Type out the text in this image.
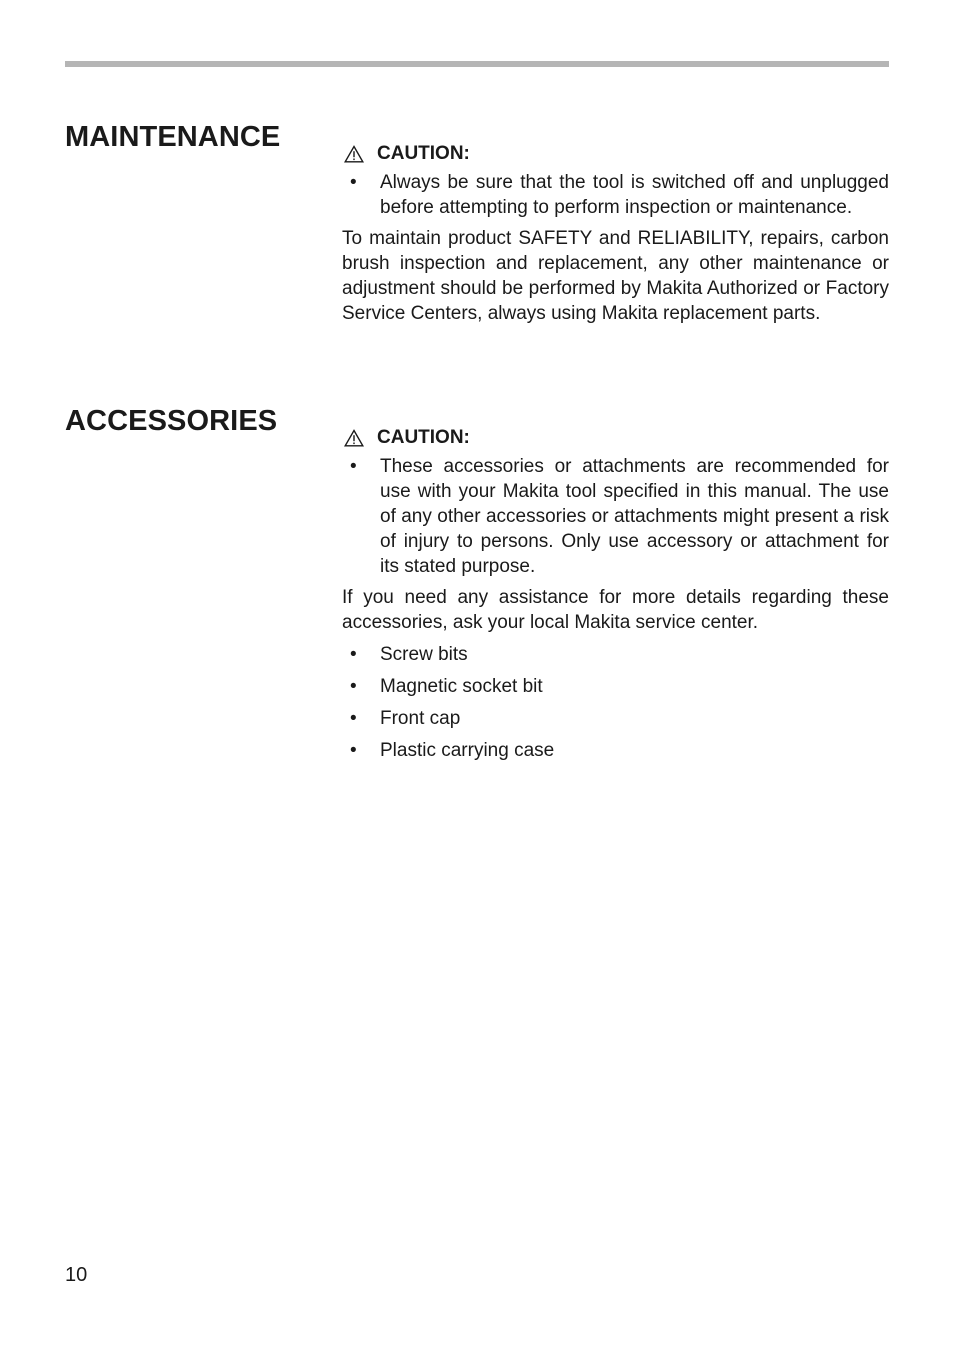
MAINTENANCE
CAUTION:

• Always be sure that the tool is switched off and unplugged before attempting to perform inspection or maintenance.

To maintain product SAFETY and RELIABILITY, repairs, carbon brush inspection and replacement, any other maintenance or adjustment should be performed by Makita Authorized or Factory Service Centers, always using Makita replacement parts.

ACCESSORIES
CAUTION:

• These accessories or attachments are recommended for use with your Makita tool specified in this manual. The use of any other accessories or attachments might present a risk of injury to persons. Only use accessory or attachment for its stated purpose.

If you need any assistance for more details regarding these accessories, ask your local Makita service center.

• Screw bits

• Magnetic socket bit

• Front cap

• Plastic carrying case

10
